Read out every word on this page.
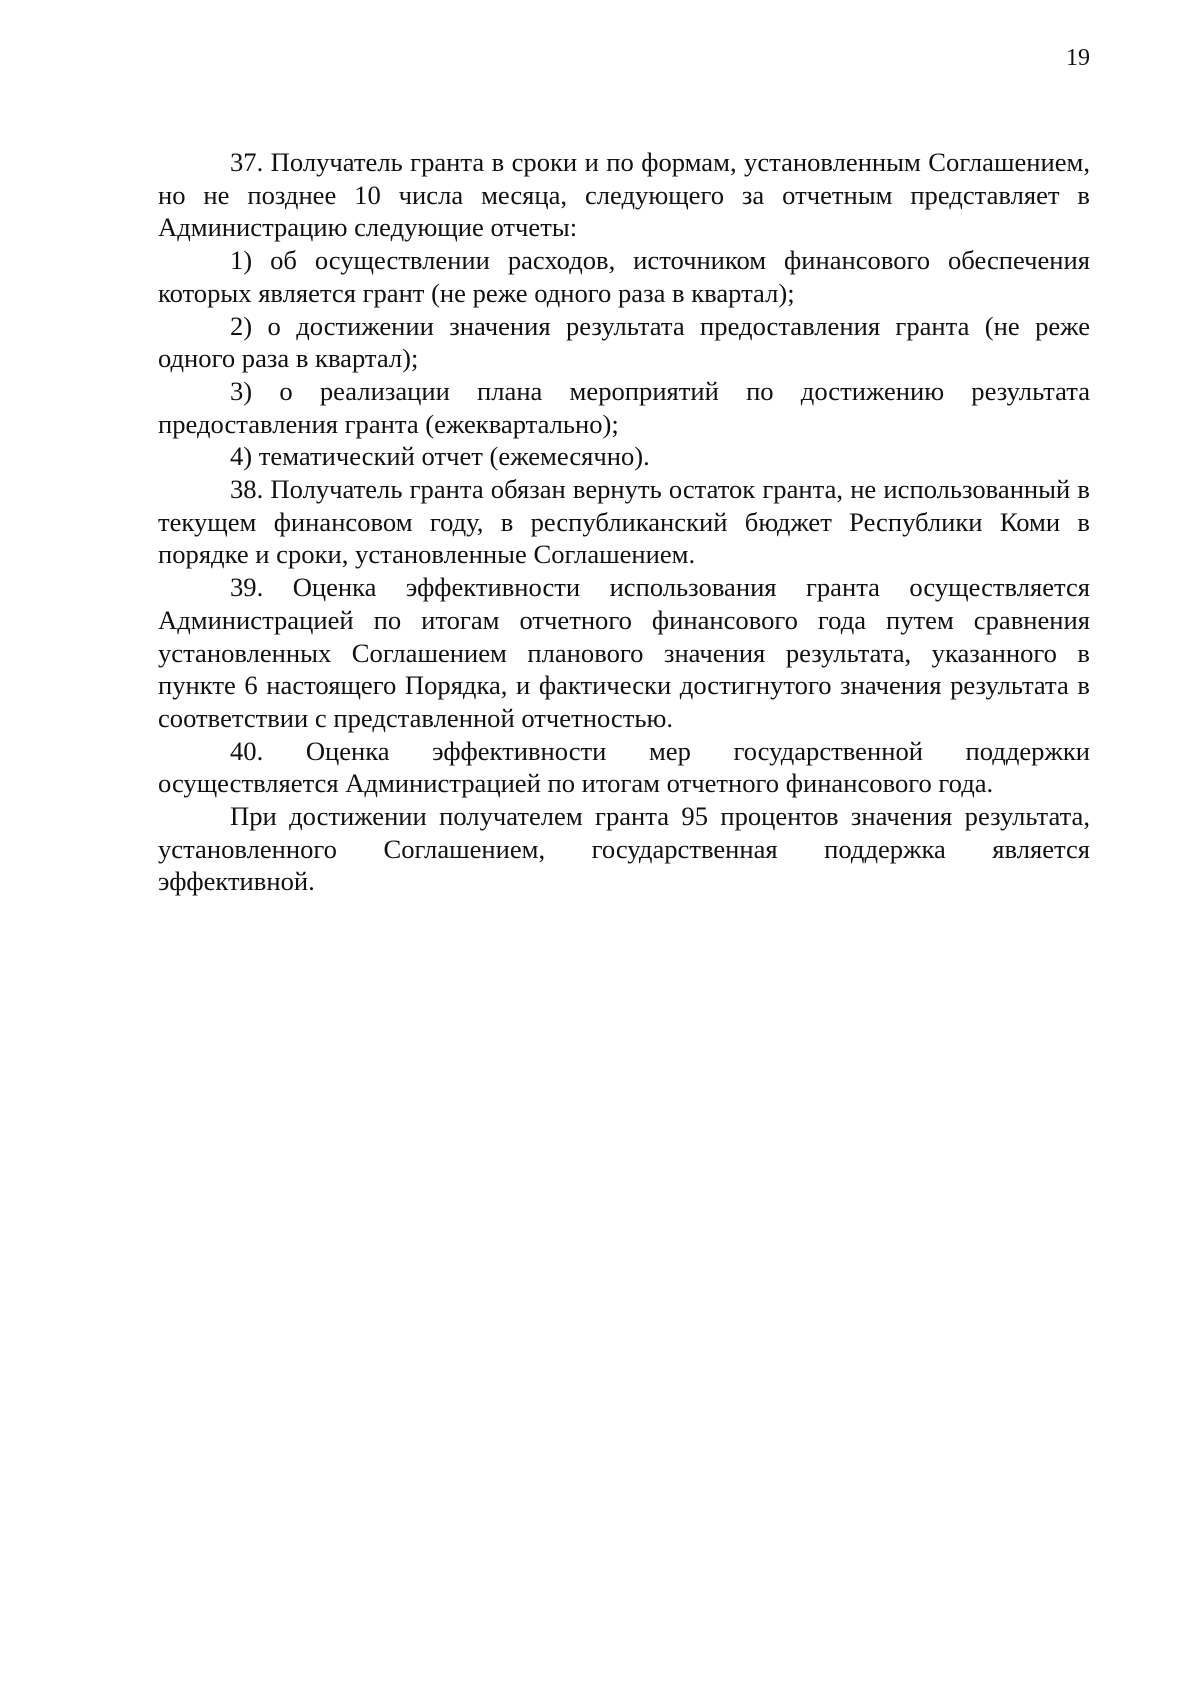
19

37. Получатель гранта в сроки и по формам, установленным Соглашением, но не позднее 10 числа месяца, следующего за отчетным представляет в Администрацию следующие отчеты:

1) об осуществлении расходов, источником финансового обеспечения которых является грант (не реже одного раза в квартал);

2) о достижении значения результата предоставления гранта (не реже одного раза в квартал);

3) о реализации плана мероприятий по достижению результата предоставления гранта (ежеквартально);

4) тематический отчет (ежемесячно).

38. Получатель гранта обязан вернуть остаток гранта, не использованный в текущем финансовом году, в республиканский бюджет Республики Коми в порядке и сроки, установленные Соглашением.

39. Оценка эффективности использования гранта осуществляется Администрацией по итогам отчетного финансового года путем сравнения установленных Соглашением планового значения результата, указанного в пункте 6 настоящего Порядка, и фактически достигнутого значения результата в соответствии с представленной отчетностью.

40. Оценка эффективности мер государственной поддержки осуществляется Администрацией по итогам отчетного финансового года.

При достижении получателем гранта 95 процентов значения результата, установленного Соглашением, государственная поддержка является эффективной.
